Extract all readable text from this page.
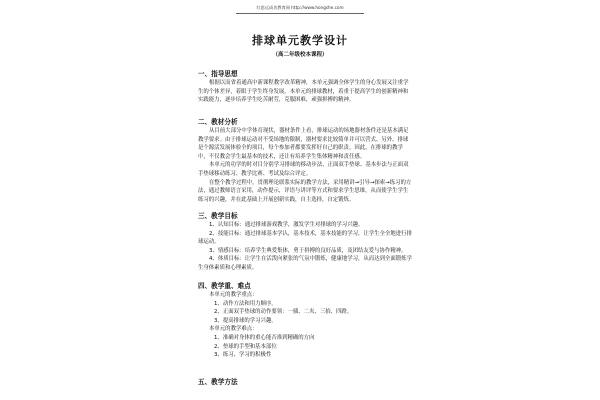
红思远成功教育网 http://www.hongshe.com
排球单元教学设计
（高二年级校本课程）
一、指导思想
根据以而省着通高中新课程教学改革精神，本单元强调全体学生的身心发展又注重学生的个体差异，着眼于学生终身发展，本单元的排球教材，着重于提高学生的创新精神和实践能力，逐步培养学生吃苦耐劳，克服困难，顽强拼搏的精神。
二、教材分析
从目前大部分中学体育现状，器材条件上看，排球运动的场地器材条件还是基本满足教学要求。由于排球运动对不受场地的限制，器材要求比较简单并可以营式、另外，排球是个源活发展体验全的项目，每个参加者都要发挥好自己的职责。因此，在排球的教学中，不仅教会学生最基本的技术，还让有培养学生集体精神和责任感。
本单元的功学的时对目分别学习排球的移动步法、正面双手垫球、基本步法与正面双手垫球移动练习、教学比赛、考试及综合评定。
在整个教学过程中，贯彻理论联系实际的教学方法，采用精讲→引导→探索→练习的方法，通过教师语言采用，动作提示，评语与讲评等方式和要求学生思维，从而使学生学生练习的兴趣，并在此基础上开展创新实践，自主选择，自定锻炼。
三、教学目标
1、认知目标：通过排球游戏教学，激发学生对排球的学习兴趣。
2、技能目标：通过排球基本学认，基本技术，基本技能的学习，让学生全全地进行排球运动。
3、情感目标：培养学生典爱集体，勇于拼搏的良好品质，及团结友爱与协作精神。
4、体质目标：让学生在活泼向紧张的气氛中锻炼，健康地学习，从而达到全面锻炼学生身体素质和心理素质。
四、教学重、难点
本单元的教学重点：
1、动作方法和用力顺序。
2、正面双手垫球的动作要领：一插、二夹、三抬、四蹬。
3、提高排球的学习兴趣。
本单元的教学难点：
1、准确对身体的重心能否准到精确的方向
2、垫球的手型和基本部位
3、练习、学习的积极性
五、教学方法
